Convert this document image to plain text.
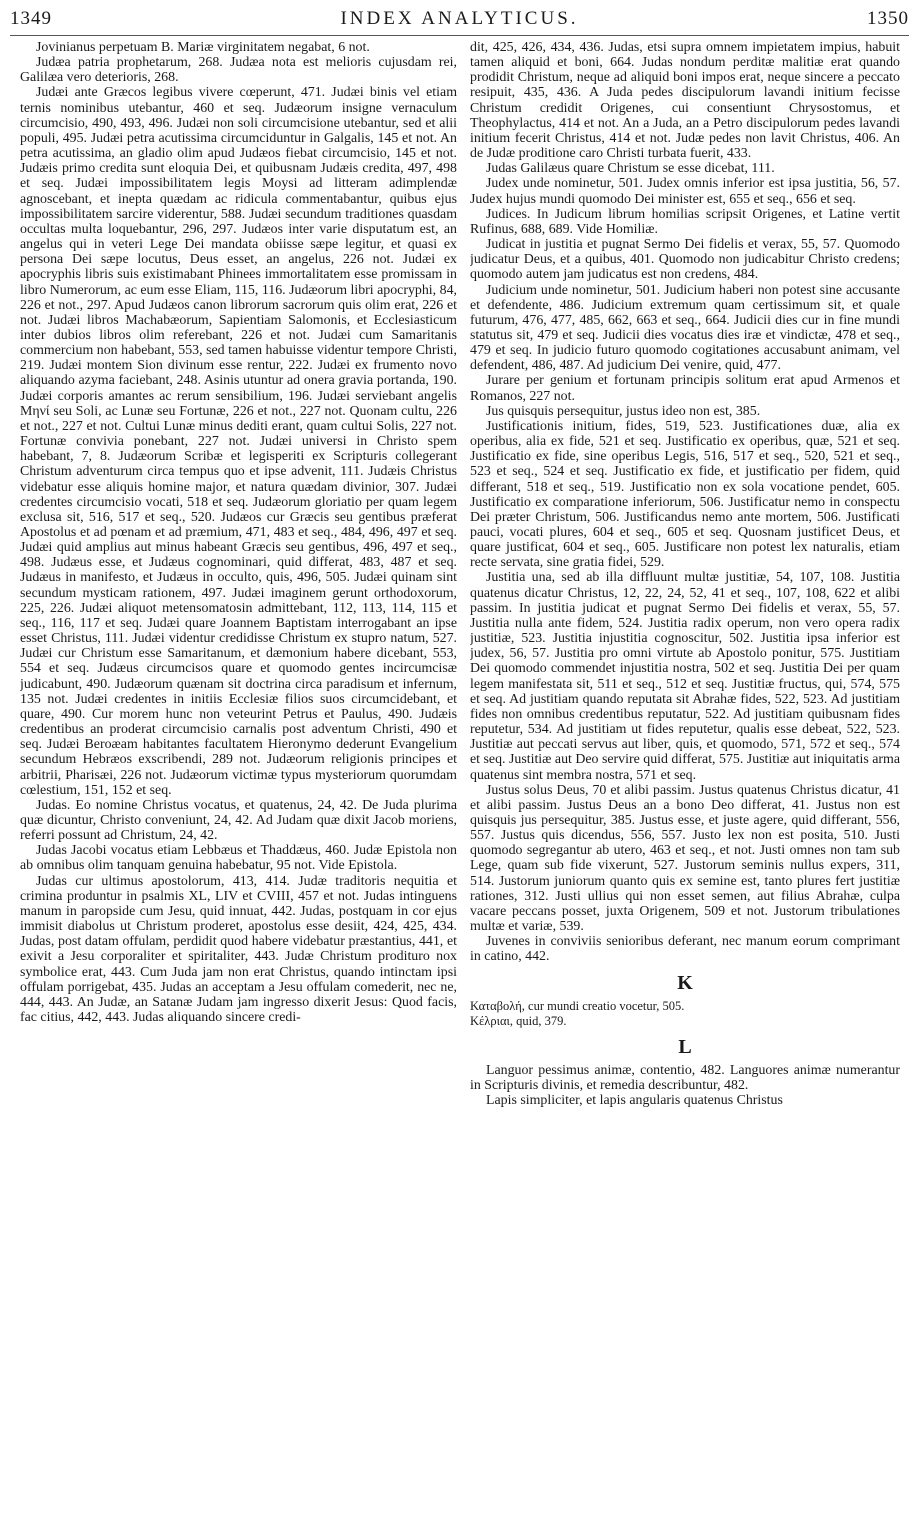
1349	INDEX ANALYTICUS.	1350

Jovinianus perpetuam B. Mariæ virginitatem negabat, 6 not.

Judæa patria prophetarum, 268. Judæa nota est melioris cujusdam rei, Galilæa vero deterioris, 268.

Judæi ante Græcos legibus vivere cœperunt, 471. Judæi binis vel etiam ternis nominibus utebantur, 460 et seq. Judæorum insigne vernaculum circumcisio, 490, 493, 496. Judæi non soli circumcisione utebantur, sed et alii populi, 495. Judæi petra acutissima circumciduntur in Galgalis, 145 et not. An petra acutissima, an gladio olim apud Judæos fiebat circumcisio, 145 et not. Judæis primo credita sunt eloquia Dei, et quibusnam Judæis credita, 497, 498 et seq. Judæi impossibilitatem legis Moysi ad litteram adimplendæ agnoscebant, et inepta quædam ac ridicula commentabantur, quibus ejus impossibilitatem sarcire viderentur, 588. Judæi secundum traditiones quasdam occultas multa loquebantur, 296, 297. Judæos inter varie disputatum est, an angelus qui in veteri Lege Dei mandata obiisse sæpe legitur, et quasi ex persona Dei sæpe locutus, Deus esset, an angelus, 226 not. Judæi ex apocryphis libris suis existimabant Phinees immortalitatem esse promissam in libro Numerorum, ac eum esse Eliam, 115, 116. Judæorum libri apocryphi, 84, 226 et not., 297. Apud Judæos canon librorum sacrorum quis olim erat, 226 et not. Judæi libros Machabæorum, Sapientiam Salomonis, et Ecclesiasticum inter dubios libros olim referebant, 226 et not. Judæi cum Samaritanis commercium non habebant, 553, sed tamen habuisse videntur tempore Christi, 219. Judæi montem Sion divinum esse rentur, 222. Judæi ex frumento novo aliquando azyma faciebant, 248. Asinis utuntur ad onera gravia portanda, 190. Judæi corporis amantes ac rerum sensibilium, 196. Judæi serviebant angelis Μηνί seu Soli, ac Lunæ seu Fortunæ, 226 et not., 227 not. Quonam cultu, 226 et not., 227 et not. Cultui Lunæ minus dediti erant, quam cultui Solis, 227 not. Fortunæ convivia ponebant, 227 not. Judæi universi in Christo spem habebant, 7, 8. Judæorum Scribæ et legisperiti ex Scripturis collegerant Christum adventurum circa tempus quo et ipse advenit, 111. Judæis Christus videbatur esse aliquis homine major, et natura quædam divinior, 307. Judæi credentes circumcisio vocati, 518 et seq. Judæorum gloriatio per quam legem exclusa sit, 516, 517 et seq., 520. Judæos cur Græcis seu gentibus præferat Apostolus et ad pœnam et ad præmium, 471, 483 et seq., 484, 496, 497 et seq. Judæi quid amplius aut minus habeant Græcis seu gentibus, 496, 497 et seq., 498. Judæus esse, et Judæus cognominari, quid differat, 483, 487 et seq. Judæus in manifesto, et Judæus in occulto, quis, 496, 505. Judæi quinam sint secundum mysticam rationem, 497. Judæi imaginem gerunt orthodoxorum, 225, 226. Judæi aliquot metensomatosin admittebant, 112, 113, 114, 115 et seq., 116, 117 et seq. Judæi quare Joannem Baptistam interrogabant an ipse esset Christus, 111. Judæi videntur credidisse Christum ex stupro natum, 527. Judæi cur Christum esse Samaritanum, et dæmonium habere dicebant, 553, 554 et seq. Judæus circumcisos quare et quomodo gentes incircumcisæ judicabunt, 490. Judæorum quænam sit doctrina circa paradisum et infernum, 135 not. Judæi credentes in initiis Ecclesiæ filios suos circumcidebant, et quare, 490. Cur morem hunc non veteurint Petrus et Paulus, 490. Judæis credentibus an proderat circumcisio carnalis post adventum Christi, 490 et seq. Judæi Beroæam habitantes facultatem Hieronymo dederunt Evangelium secundum Hebræos exscribendi, 289 not. Judæorum religionis principes et arbitrii, Pharisæi, 226 not. Judæorum victimæ typus mysteriorum quorumdam cœlestium, 151, 152 et seq.

Judas. Eo nomine Christus vocatus, et quatenus, 24, 42. De Juda plurima quæ dicuntur, Christo conveniunt, 24, 42. Ad Judam quæ dixit Jacob moriens, referri possunt ad Christum, 24, 42.

Judas Jacobi vocatus etiam Lebbæus et Thaddæus, 460. Judæ Epistola non ab omnibus olim tanquam genuina habebatur, 95 not. Vide Epistola.

Judas cur ultimus apostolorum, 413, 414. Judæ traditoris nequitia et crimina produntur in psalmis XL, LIV et CVIII, 457 et not. Judas intinguens manum in paropside cum Jesu, quid innuat, 442. Judas, postquam in cor ejus immisit diabolus ut Christum proderet, apostolus esse desiit, 424, 425, 434. Judas, post datam offulam, perdidit quod habere videbatur præstantius, 441, et exivit a Jesu corporaliter et spiritaliter, 443. Judæ Christum proditurо nox symbolice erat, 443. Cum Juda jam non erat Christus, quando intinctam ipsi offulam porrigebat, 435. Judas an acceptam a Jesu offulam comederit, nec ne, 444, 443. An Judæ, an Satanæ Judam jam ingresso dixerit Jesus: Quod facis, fac citius, 442, 443. Judas aliquando sincere credi-

dit, 425, 426, 434, 436. Judas, etsi supra omnem impietatem impius, habuit tamen aliquid et boni, 664. Judas nondum perditæ malitiæ erat quando prodidit Christum, neque ad aliquid boni impos erat, neque sincere a peccato resipuit, 435, 436. A Juda pedes discipulorum lavandi initium fecisse Christum credidit Origenes, cui consentiunt Chrysostomus, et Theophylactus, 414 et not. An a Juda, an a Petro discipulorum pedes lavandi initium fecerit Christus, 414 et not. Judæ pedes non lavit Christus, 406. An de Judæ proditione caro Christi turbata fuerit, 433.

Judas Galilæus quare Christum se esse dicebat, 111.

Judex unde nominetur, 501. Judex omnis inferior est ipsa justitia, 56, 57. Judex hujus mundi quomodo Dei minister est, 655 et seq., 656 et seq.

Judices. In Judicum librum homilias scripsit Origenes, et Latine vertit Rufinus, 688, 689. Vide Homiliæ.

Judicat in justitia et pugnat Sermo Dei fidelis et verax, 55, 57. Quomodo judicatur Deus, et a quibus, 401. Quomodo non judicabitur Christo credens; quomodo autem jam judicatus est non credens, 484.

Judicium unde nominetur, 501. Judicium haberi non potest sine accusante et defendente, 486. Judicium extremum quam certissimum sit, et quale futurum, 476, 477, 485, 662, 663 et seq., 664. Judicii dies cur in fine mundi statutus sit, 479 et seq. Judicii dies vocatus dies iræ et vindictæ, 478 et seq., 479 et seq. In judicio futuro quomodo cogitationes accusabunt animam, vel defendent, 486, 487. Ad judicium Dei venire, quid, 477.

Jurare per genium et fortunam principis solitum erat apud Armenos et Romanos, 227 not.

Jus quisquis persequitur, justus ideo non est, 385.

Justificationis initium, fides, 519, 523. Justificationes duæ, alia ex operibus, alia ex fide, 521 et seq. Justificatio ex operibus, quæ, 521 et seq. Justificatio ex fide, sine operibus Legis, 516, 517 et seq., 520, 521 et seq., 523 et seq., 524 et seq. Justificatio ex fide, et justificatio per fidem, quid differant, 518 et seq., 519. Justificatio non ex sola vocatione pendet, 605. Justificatio ex comparatione inferiorum, 506. Justificatur nemo in conspectu Dei præter Christum, 506. Justificandus nemo ante mortem, 506. Justificati pauci, vocati plures, 604 et seq., 605 et seq. Quosnam justificet Deus, et quare justificat, 604 et seq., 605. Justificare non potest lex naturalis, etiam recte servata, sine gratia fidei, 529.

Justitia una, sed ab illa diffluunt multæ justitiæ, 54, 107, 108. Justitia quatenus dicatur Christus, 12, 22, 24, 52, 41 et seq., 107, 108, 622 et alibi passim. In justitia judicat et pugnat Sermo Dei fidelis et verax, 55, 57. Justitia nulla ante fidem, 524. Justitia radix operum, non vero opera radix justitiæ, 523. Justitia injustitia cognoscitur, 502. Justitia ipsa inferior est judex, 56, 57. Justitia pro omni virtute ab Apostolo ponitur, 575. Justitiam Dei quomodo commendet injustitia nostra, 502 et seq. Justitia Dei per quam legem manifestata sit, 511 et seq., 512 et seq. Justitiæ fructus, qui, 574, 575 et seq. Ad justitiam quando reputata sit Abrahæ fides, 522, 523. Ad justitiam fides non omnibus credentibus reputatur, 522. Ad justitiam quibusnam fides reputetur, 534. Ad justitiam ut fides reputetur, qualis esse debeat, 522, 523. Justitiæ aut peccati servus aut liber, quis, et quomodo, 571, 572 et seq., 574 et seq. Justitiæ aut Deo servire quid differat, 575. Justitiæ aut iniquitatis arma quatenus sint membra nostra, 571 et seq.

Justus solus Deus, 70 et alibi passim. Justus quatenus Christus dicatur, 41 et alibi passim. Justus Deus an a bono Deo differat, 41. Justus non est quisquis jus persequitur, 385. Justus esse, et juste agere, quid differant, 556, 557. Justus quis dicendus, 556, 557. Justo lex non est posita, 510. Justi quomodo segregantur ab utero, 463 et seq., et not. Justi omnes non tam sub Lege, quam sub fide vixerunt, 527. Justorum seminis nullus expers, 311, 514. Justorum juniorum quanto quis ex semine est, tanto plures fert justitiæ rationes, 312. Justi ullius qui non esset semen, aut filius Abrahæ, culpa vacare peccans posset, juxta Origenem, 509 et not. Justorum tribulationes multæ et variæ, 539.

Juvenes in conviviis senioribus deferant, nec manum eorum comprimant in catino, 442.

K

Καταβολή, cur mundi creatio vocetur, 505.

Κέλριαι, quid, 379.

L

Languor pessimus animæ, contentio, 482. Languores animæ numerantur in Scripturis divinis, et remedia describuntur, 482.

Lapis simpliciter, et lapis angularis quatenus Christus
